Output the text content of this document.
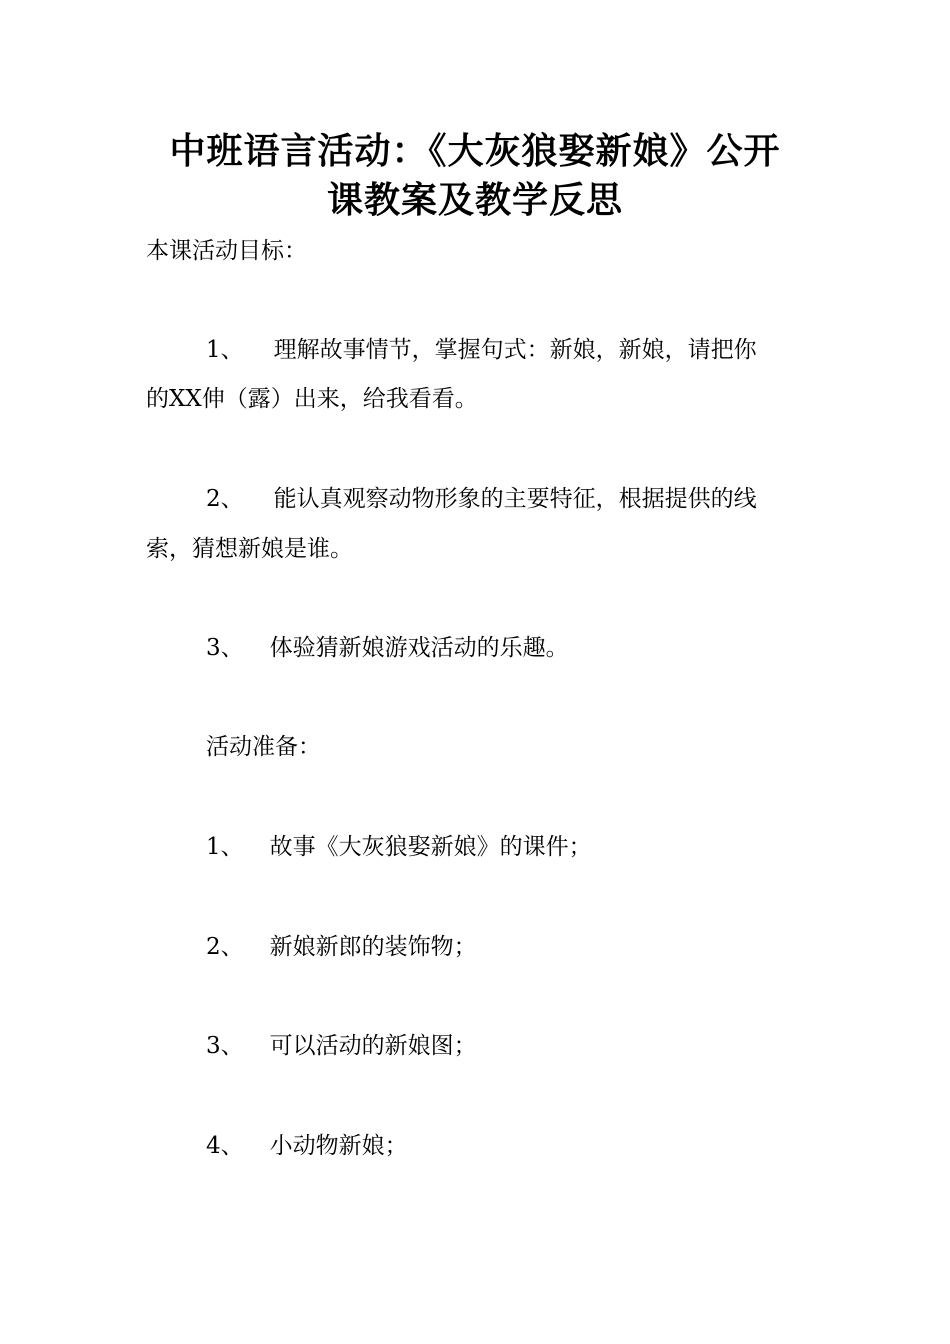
中班语言活动：《大灰狼娶新娘》公开
课教案及教学反思
本课活动目标：
1、 理解故事情节，掌握句式：新娘，新娘，请把你
的XX伸（露）出来，给我看看。
2、 能认真观察动物形象的主要特征，根据提供的线
索，猜想新娘是谁。
3、 体验猜新娘游戏活动的乐趣。
活动准备：
1、 故事《大灰狼娶新娘》的课件；
2、 新娘新郎的装饰物；
3、 可以活动的新娘图；
4、 小动物新娘；
